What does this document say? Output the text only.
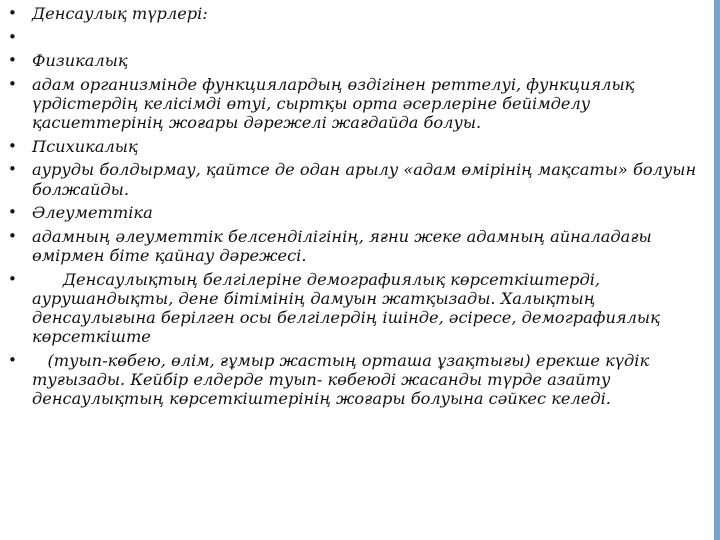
• Денсаулық түрлері:
•
• Физикалық
• адам организмінде функциялардың өздігінен реттелуі, функциялық үрдістердің келісімді өтуі, сыртқы орта әсерлеріне бейімделу қасиеттерінің жоғары дәрежелі жағдайда болуы.
• Психикалық
• ауруды болдырмау, қайтсе де одан арылу «адам өмірінің мақсаты» болуын болжайды.
• Әлеуметтіка
• адамның әлеуметтік белсенділігінің, яғни жеке адамның айналадағы өмірмен біте қайнау дәрежесі.
• Денсаулықтың белгілеріне демографиялық көрсеткіштерді, аурушандықты, дене бітімінің дамуын жатқызады. Халықтың денсаулығына берілген осы белгілердің ішінде, әсіресе, демографиялық көрсеткіште
• (туып-көбею, өлім, ғұмыр жастың орташа ұзақтығы) ерекше күдік туғызады. Кейбір елдерде туып- көбеюді жасанды түрде азайту денсаулықтың көрсеткіштерінің жоғары болуына сәйкес келеді.
